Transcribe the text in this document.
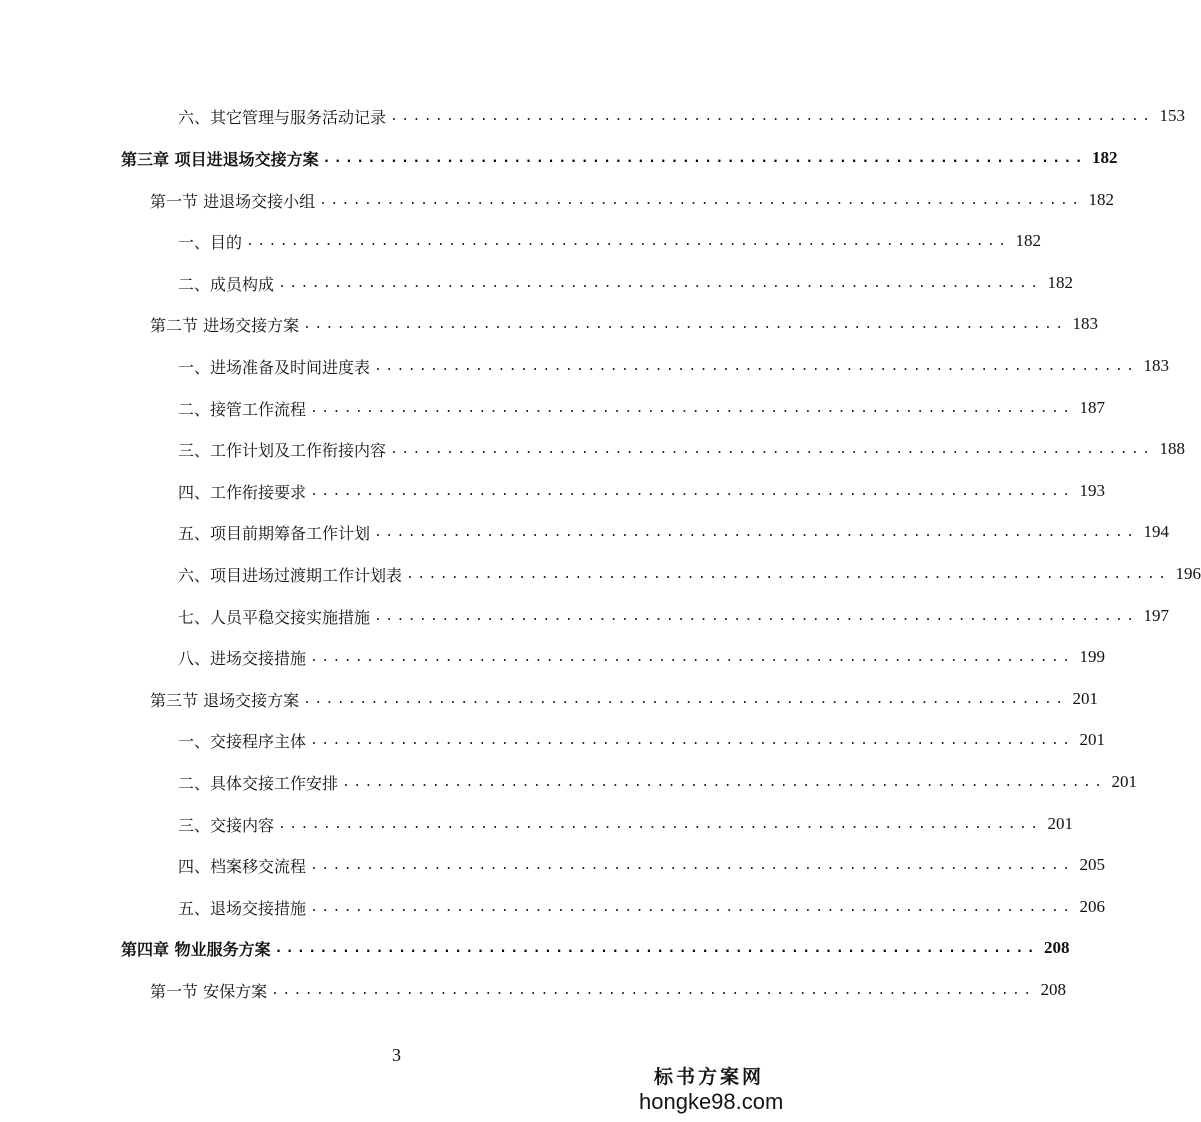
六、其它管理与服务活动记录 .................................................................... 153
第三章 项目进退场交接方案 .................................................................... 182
第一节 进退场交接小组 .................................................................... 182
一、目的 .................................................................... 182
二、成员构成 .................................................................... 182
第二节 进场交接方案 .................................................................... 183
一、进场准备及时间进度表 .................................................................... 183
二、接管工作流程 .................................................................... 187
三、工作计划及工作衔接内容 .................................................................... 188
四、工作衔接要求 .................................................................... 193
五、项目前期筹备工作计划 .................................................................... 194
六、项目进场过渡期工作计划表 .................................................................... 196
七、人员平稳交接实施措施 .................................................................... 197
八、进场交接措施 .................................................................... 199
第三节 退场交接方案 .................................................................... 201
一、交接程序主体 .................................................................... 201
二、具体交接工作安排 .................................................................... 201
三、交接内容 .................................................................... 201
四、档案移交流程 .................................................................... 205
五、退场交接措施 .................................................................... 206
第四章 物业服务方案 .................................................................... 208
第一节 安保方案 .................................................................... 208
3
标书方案网
hongke98.com
